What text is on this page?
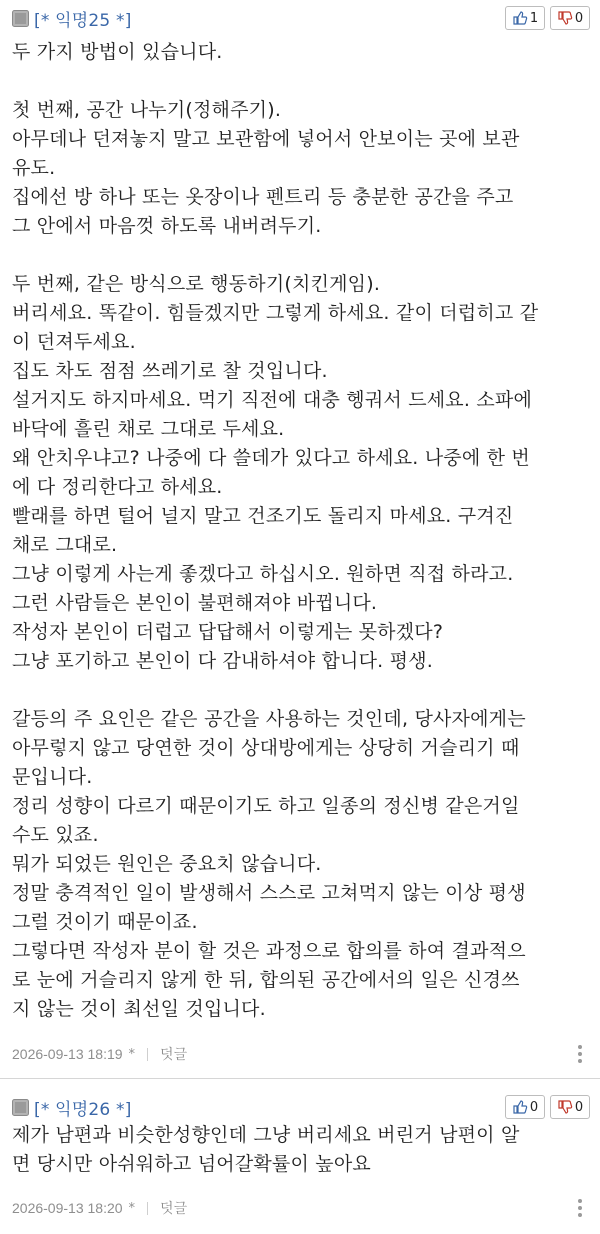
[* 익명25 *]	1	0
두 가지 방법이 있습니다.
첫 번째, 공간 나누기(정해주기).
아무데나 던져놓지 말고 보관함에 넣어서 안보이는 곳에 보관
유도.
집에선 방 하나 또는 옷장이나 펜트리 등 충분한 공간을 주고
그 안에서 마음껏 하도록 내버려두기.
두 번째, 같은 방식으로 행동하기(치킨게임).
버리세요. 똑같이. 힘들겠지만 그렇게 하세요. 같이 더럽히고 같
이 던져두세요.
집도 차도 점점 쓰레기로 찰 것입니다.
설거지도 하지마세요. 먹기 직전에 대충 헹궈서 드세요. 소파에
바닥에 흘린 채로 그대로 두세요.
왜 안치우냐고? 나중에 다 쓸데가 있다고 하세요. 나중에 한 번
에 다 정리한다고 하세요.
빨래를 하면 털어 널지 말고 건조기도 돌리지 마세요. 구겨진
채로 그대로.
그냥 이렇게 사는게 좋겠다고 하십시오. 원하면 직접 하라고.
그런 사람들은 본인이 불편해져야 바뀝니다.
작성자 본인이 더럽고 답답해서 이렇게는 못하겠다?
그냥 포기하고 본인이 다 감내하셔야 합니다. 평생.
갈등의 주 요인은 같은 공간을 사용하는 것인데, 당사자에게는
아무렇지 않고 당연한 것이 상대방에게는 상당히 거슬리기 때
문입니다.
정리 성향이 다르기 때문이기도 하고 일종의 정신병 같은거일
수도 있죠.
뭐가 되었든 원인은 중요치 않습니다.
정말 충격적인 일이 발생해서 스스로 고쳐먹지 않는 이상 평생
그럴 것이기 때문이죠.
그렇다면 작성자 분이 할 것은 과정으로 합의를 하여 결과적으
로 눈에 거슬리지 않게 한 뒤, 합의된 공간에서의 일은 신경쓰
지 않는 것이 최선일 것입니다.
2026-09-13 18:19 * 덧글
[* 익명26 *]	0	0
제가 남편과 비슷한성향인데 그냥 버리세요 버린거 남편이 알
면 당시만 아쉬워하고 넘어갈확률이 높아요
2026-09-13 18:20 * 덧글
